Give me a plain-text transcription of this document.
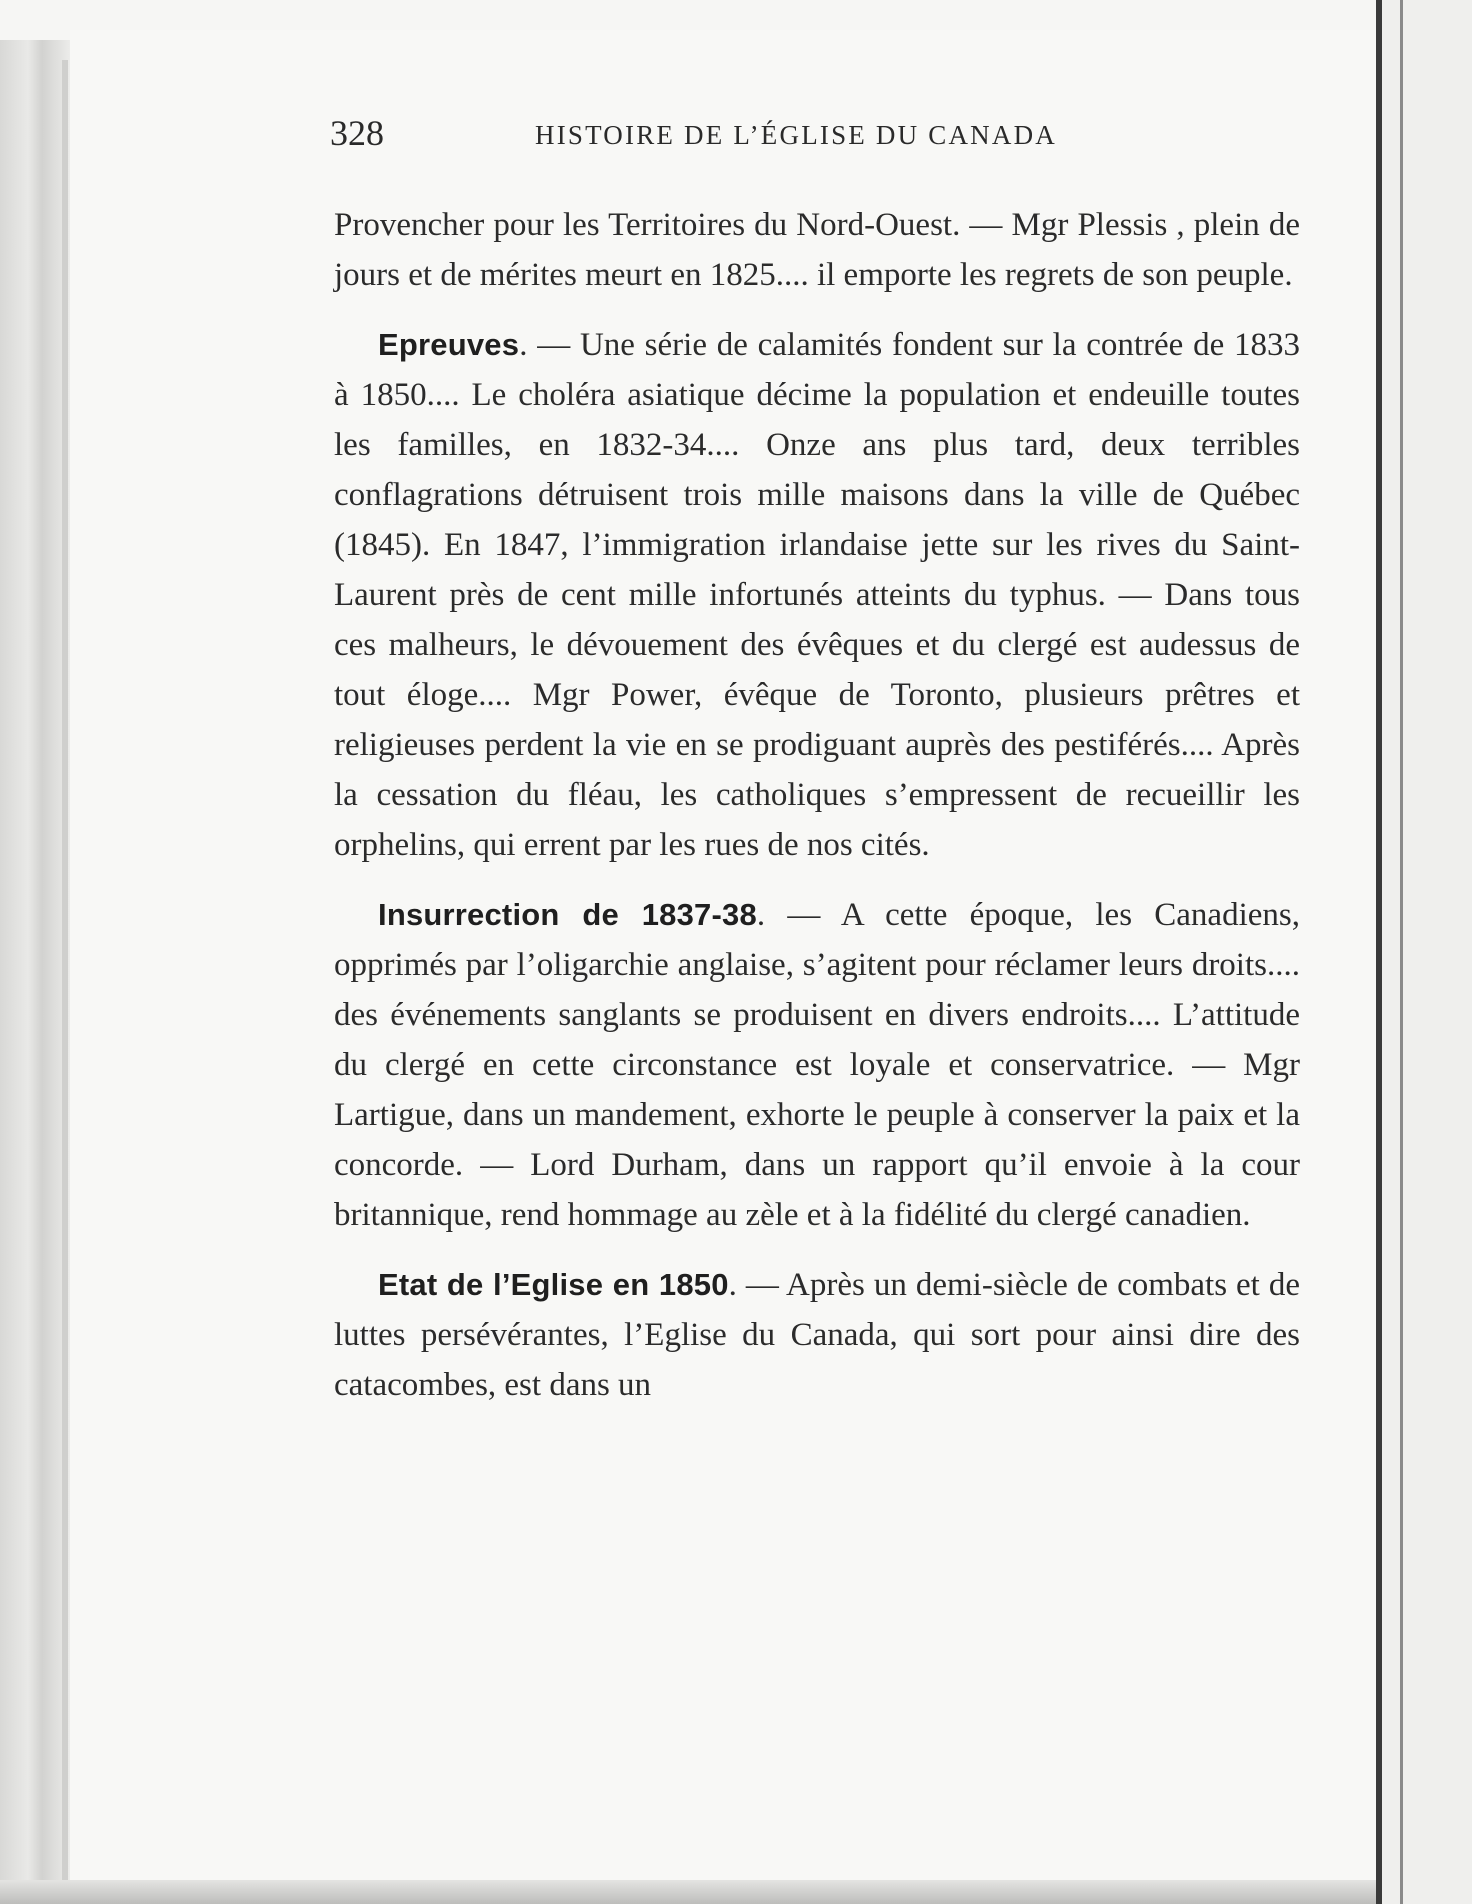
328	HISTOIRE DE L’ÉGLISE DU CANADA

Provencher pour les Territoires du Nord-Ouest. — Mgr Plessis , plein de jours et de mérites meurt en 1825.... il emporte les regrets de son peuple.

Epreuves. — Une série de calamités fondent sur la contrée de 1833 à 1850.... Le choléra asiatique décime la population et endeuille toutes les familles, en 1832-34.... Onze ans plus tard, deux terribles conflagrations détruisent trois mille maisons dans la ville de Québec (1845). En 1847, l’immigration irlandaise jette sur les rives du Saint-Laurent près de cent mille infortunés atteints du typhus. — Dans tous ces malheurs, le dévouement des évêques et du clergé est audessus de tout éloge.... Mgr Power, évêque de Toronto, plusieurs prêtres et religieuses perdent la vie en se prodiguant auprès des pestiférés.... Après la cessation du fléau, les catholiques s’empressent de recueillir les orphelins, qui errent par les rues de nos cités.

Insurrection de 1837-38. — A cette époque, les Canadiens, opprimés par l’oligarchie anglaise, s’agitent pour réclamer leurs droits.... des événements sanglants se produisent en divers endroits.... L’attitude du clergé en cette circonstance est loyale et conservatrice. — Mgr Lartigue, dans un mandement, exhorte le peuple à conserver la paix et la concorde. — Lord Durham, dans un rapport qu’il envoie à la cour britannique, rend hommage au zèle et à la fidélité du clergé canadien.

Etat de l’Eglise en 1850. — Après un demi-siècle de combats et de luttes persévérantes, l’Eglise du Canada, qui sort pour ainsi dire des catacombes, est dans un
